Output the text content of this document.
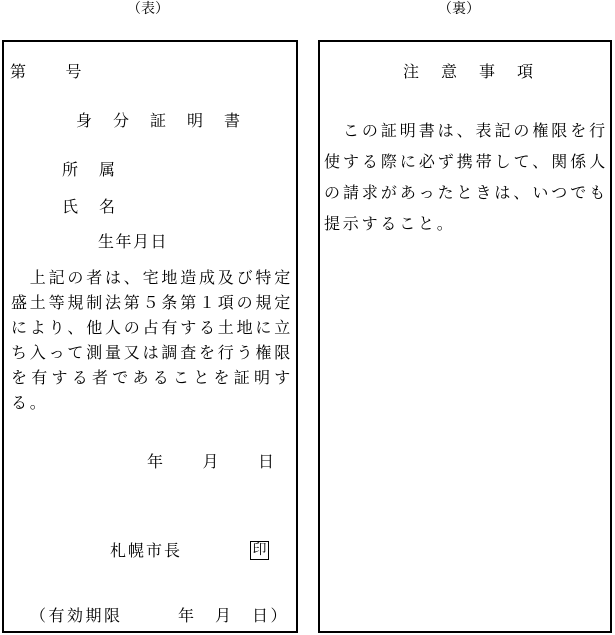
（表）	（裏）
第　　号
身　分　証　明　書
所　属
氏　名
生年月日
　上記の者は、宅地造成及び特定
盛土等規制法第５条第１項の規定
により、他人の占有する土地に立
ち入って測量又は調査を行う権限
を有する者であることを証明す
る。
年　　月　　日
札幌市長	印
（有効期限　　　年　月　日）
注　意　事　項
　この証明書は、表記の権限を行
使する際に必ず携帯して、関係人
の請求があったときは、いつでも
提示すること。
